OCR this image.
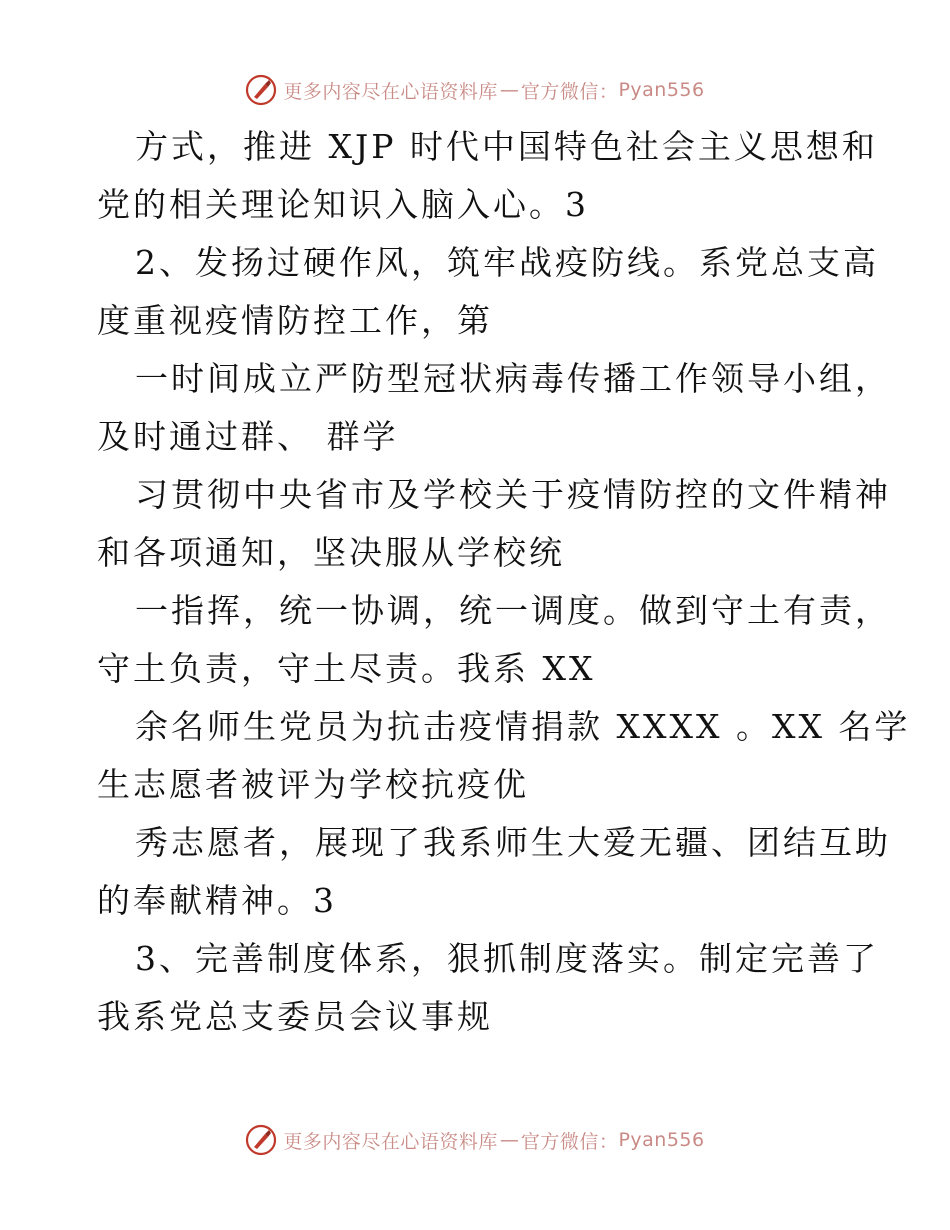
更多内容尽在心语资料库 — 官方微信： Pyan556
方式，推进 XJP 时代中国特色社会主义思想和
党的相关理论知识入脑入心。3
2、发扬过硬作风，筑牢战疫防线。系党总支高
度重视疫情防控工作，第
一时间成立严防型冠状病毒传播工作领导小组，
及时通过群、 群学
习贯彻中央省市及学校关于疫情防控的文件精神
和各项通知，坚决服从学校统
一指挥，统一协调，统一调度。做到守土有责，
守土负责，守土尽责。我系 XX
余名师生党员为抗击疫情捐款 XXXX 。XX 名学
生志愿者被评为学校抗疫优
秀志愿者，展现了我系师生大爱无疆、团结互助
的奉献精神。3
3、完善制度体系，狠抓制度落实。制定完善了
我系党总支委员会议事规
更多内容尽在心语资料库 — 官方微信： Pyan556
